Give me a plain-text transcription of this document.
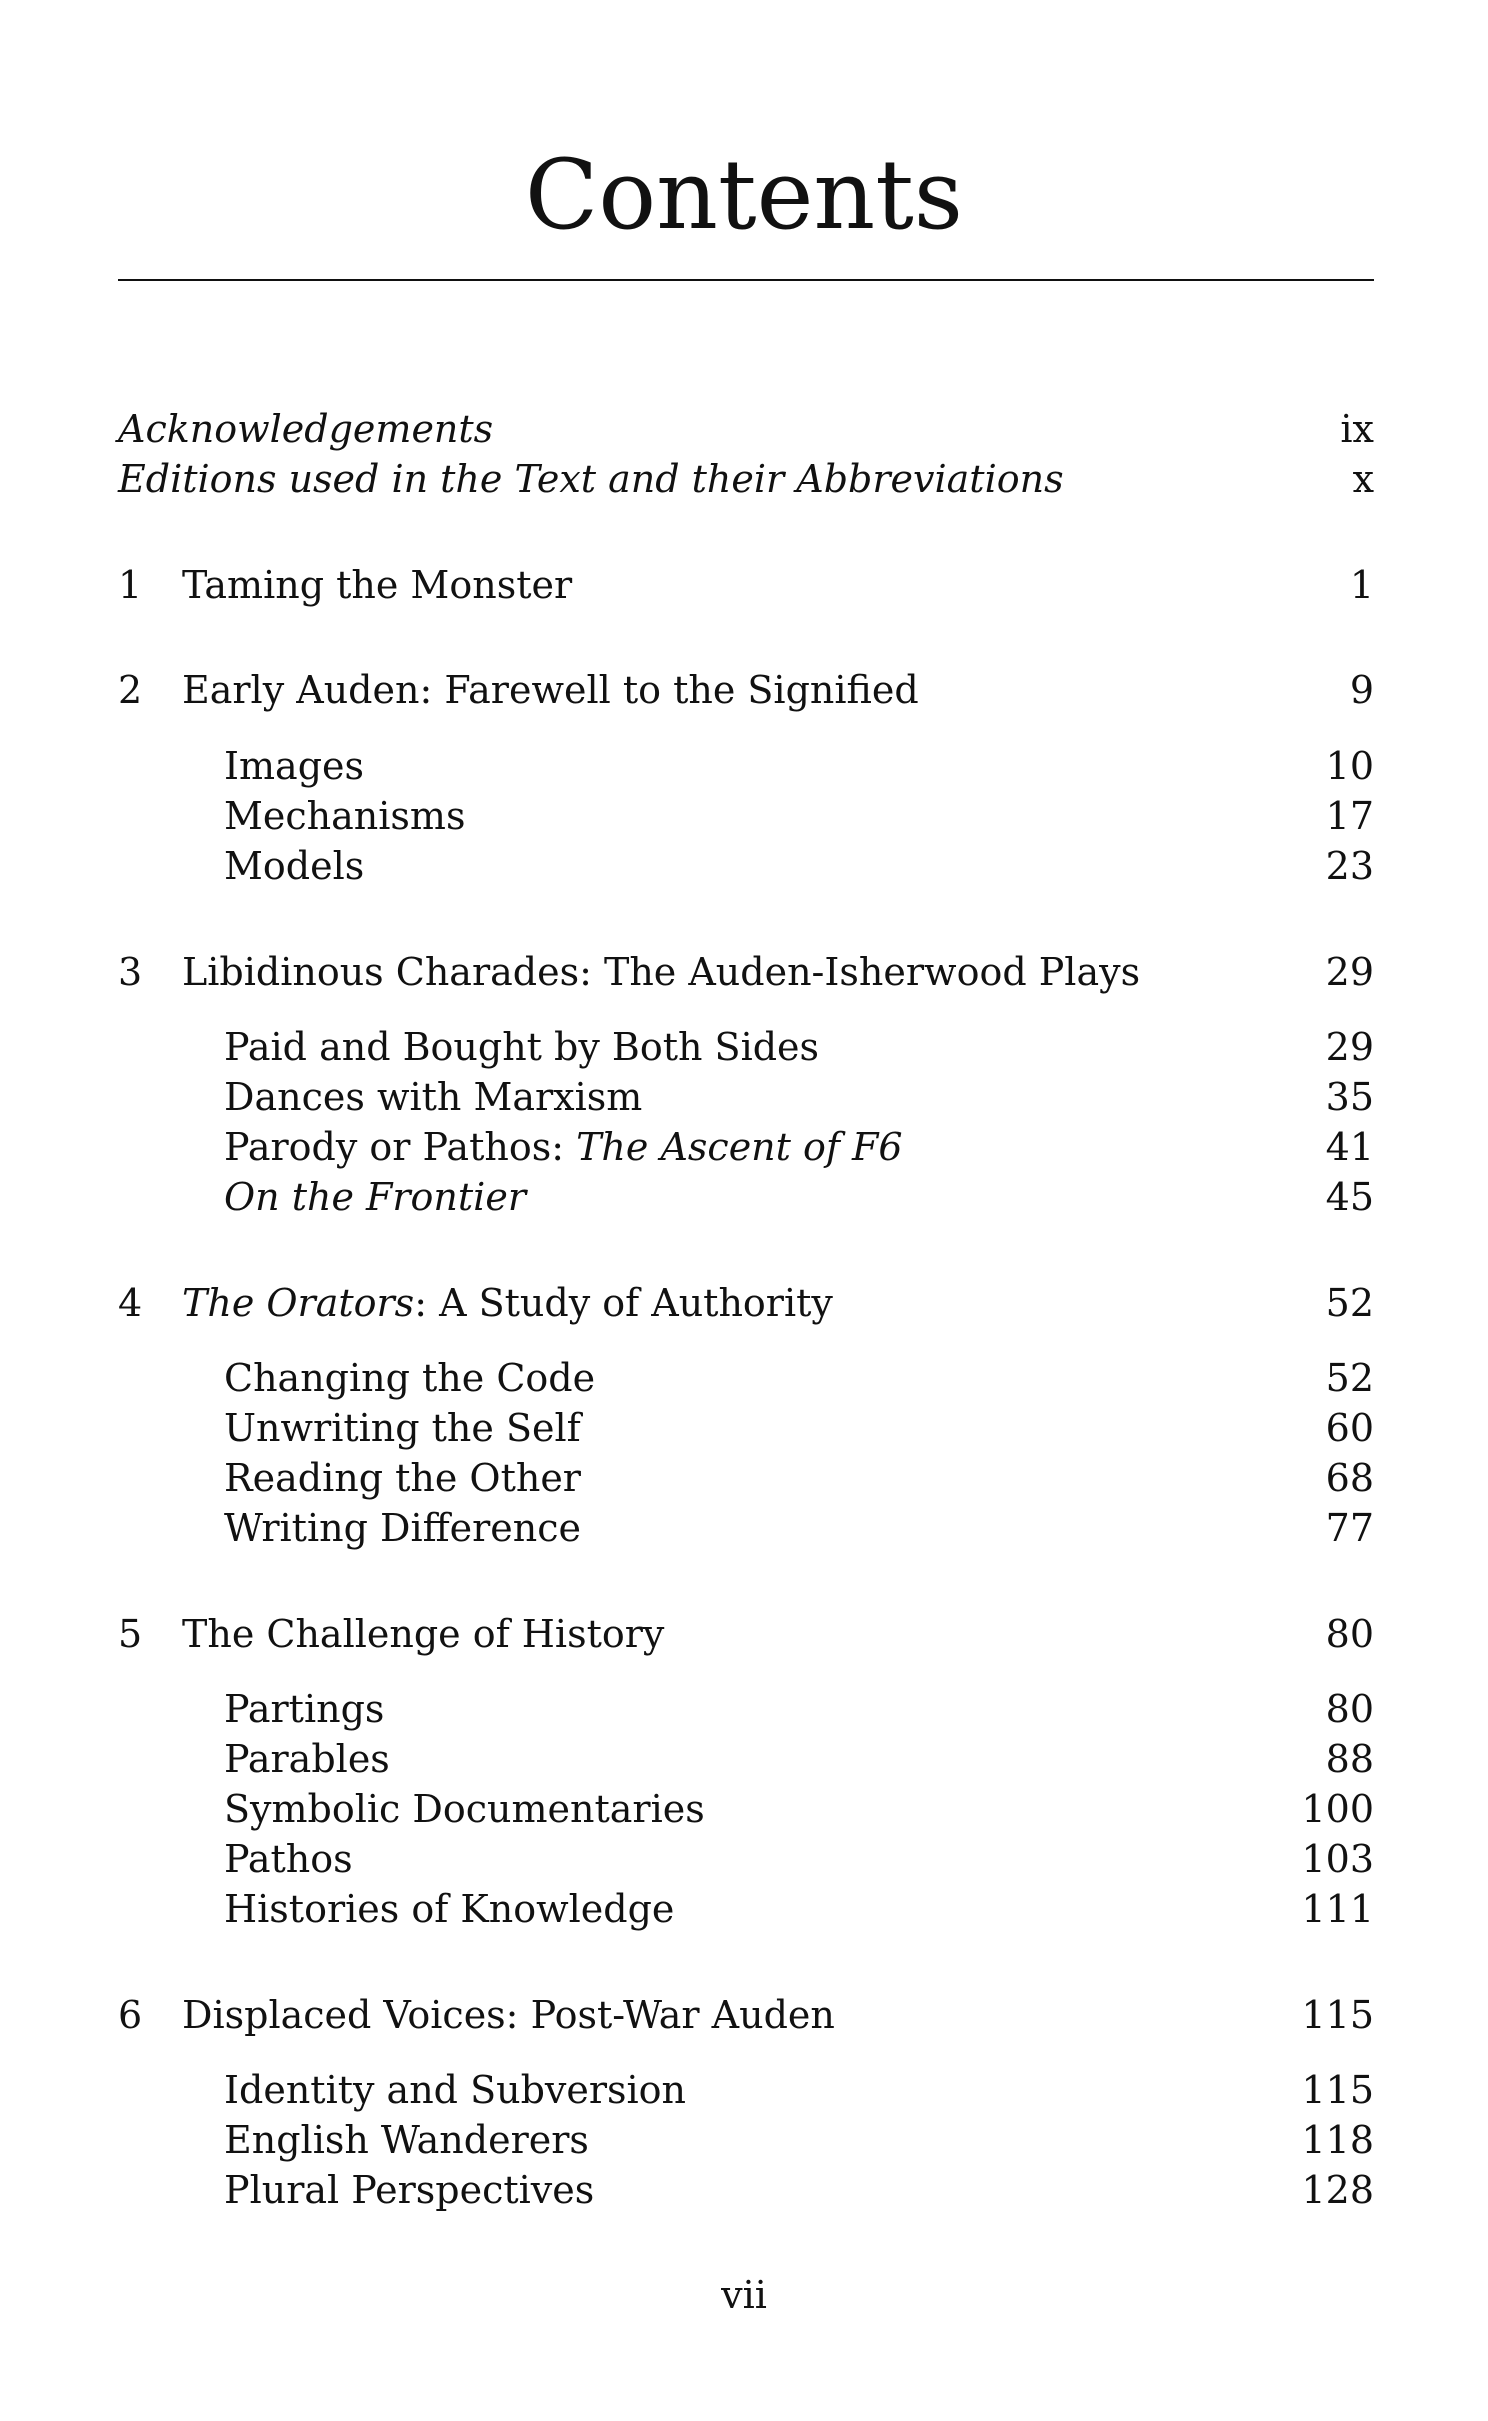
Contents
Acknowledgements	ix
Editions used in the Text and their Abbreviations	x
1 Taming the Monster	1
2 Early Auden: Farewell to the Signified	9
Images	10
Mechanisms	17
Models	23
3 Libidinous Charades: The Auden-Isherwood Plays	29
Paid and Bought by Both Sides	29
Dances with Marxism	35
Parody or Pathos: The Ascent of F6	41
On the Frontier	45
4 The Orators: A Study of Authority	52
Changing the Code	52
Unwriting the Self	60
Reading the Other	68
Writing Difference	77
5 The Challenge of History	80
Partings	80
Parables	88
Symbolic Documentaries	100
Pathos	103
Histories of Knowledge	111
6 Displaced Voices: Post-War Auden	115
Identity and Subversion	115
English Wanderers	118
Plural Perspectives	128
vii
